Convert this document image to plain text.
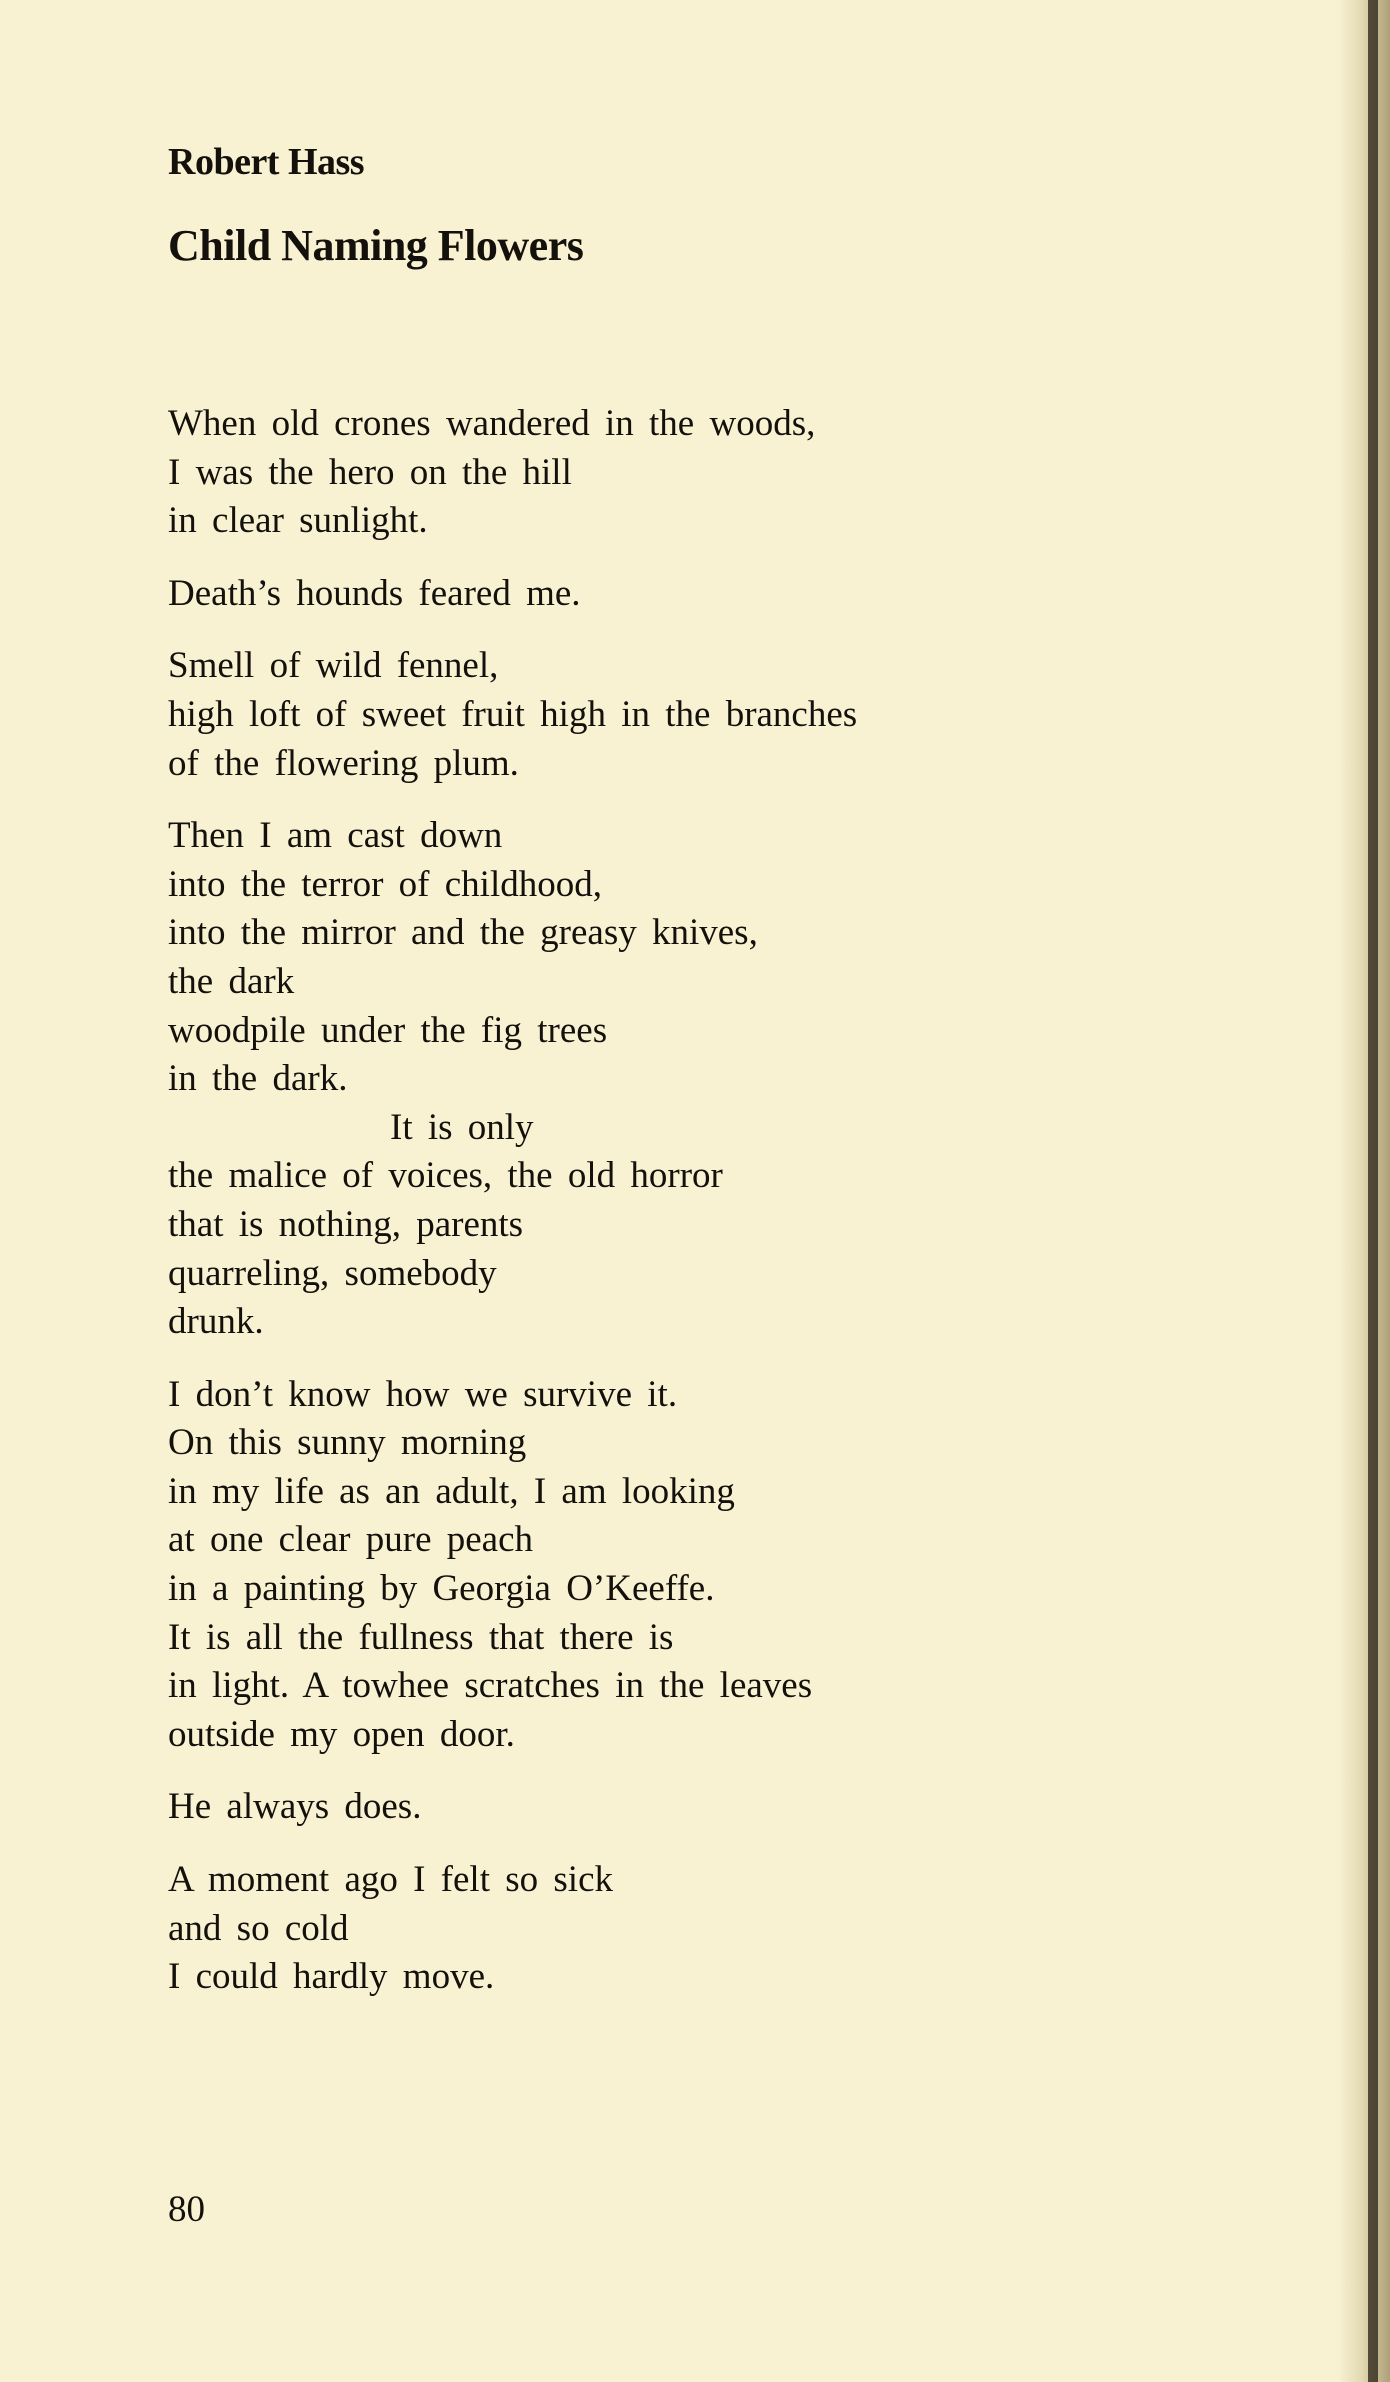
Robert Hass
Child Naming Flowers
When old crones wandered in the woods,
I was the hero on the hill
in clear sunlight.
Death’s hounds feared me.
Smell of wild fennel,
high loft of sweet fruit high in the branches
of the flowering plum.
Then I am cast down
into the terror of childhood,
into the mirror and the greasy knives,
the dark
woodpile under the fig trees
in the dark.
It is only
the malice of voices, the old horror
that is nothing, parents
quarreling, somebody
drunk.
I don’t know how we survive it.
On this sunny morning
in my life as an adult, I am looking
at one clear pure peach
in a painting by Georgia O’Keeffe.
It is all the fullness that there is
in light. A towhee scratches in the leaves
outside my open door.
He always does.
A moment ago I felt so sick
and so cold
I could hardly move.
80
